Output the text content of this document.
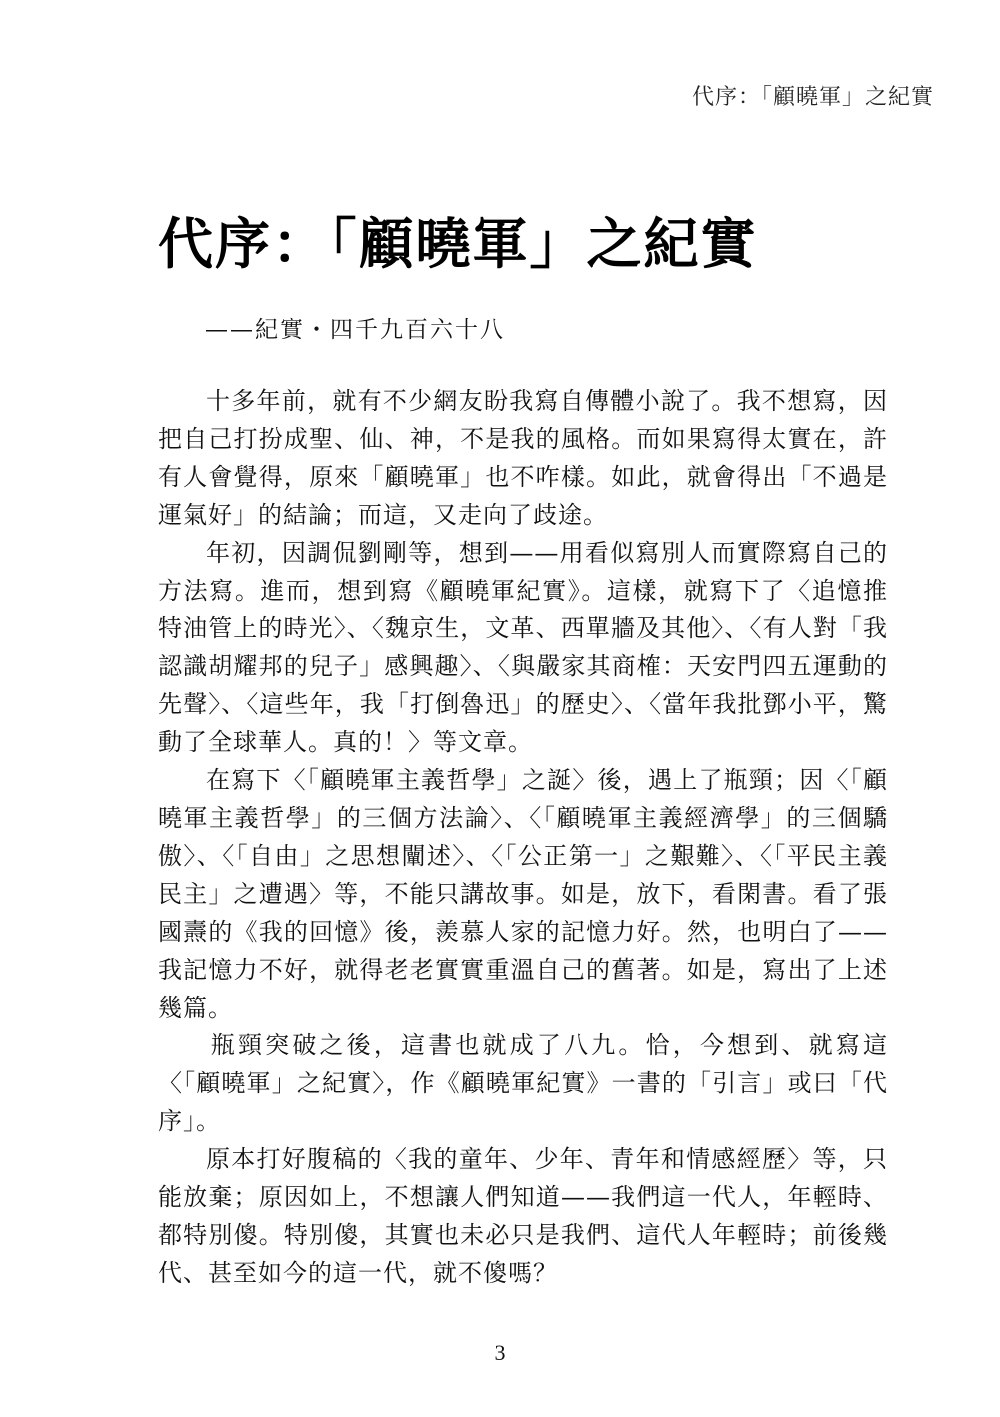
代序：「顧曉軍」之紀實
代序：「顧曉軍」之紀實
——紀實・四千九百六十八

十多年前，就有不少網友盼我寫自傳體小說了。我不想寫，因把自己打扮成聖、仙、神，不是我的風格。而如果寫得太實在，許有人會覺得，原來「顧曉軍」也不咋樣。如此，就會得出「不過是運氣好」的結論；而這，又走向了歧途。

年初，因調侃劉剛等，想到——用看似寫別人而實際寫自己的方法寫。進而，想到寫《顧曉軍紀實》。這樣，就寫下了〈追憶推特油管上的時光〉、〈魏京生，文革、西單牆及其他〉、〈有人對「我認識胡耀邦的兒子」感興趣〉、〈與嚴家其商榷：天安門四五運動的先聲〉、〈這些年，我「打倒魯迅」的歷史〉、〈當年我批鄧小平，驚動了全球華人。真的！〉等文章。

在寫下〈「顧曉軍主義哲學」之誕〉後，遇上了瓶頸；因〈「顧曉軍主義哲學」的三個方法論〉、〈「顧曉軍主義經濟學」的三個驕傲〉、〈「自由」之思想闡述〉、〈「公正第一」之艱難〉、〈「平民主義民主」之遭遇〉等，不能只講故事。如是，放下，看閑書。看了張國燾的《我的回憶》後，羨慕人家的記憶力好。然，也明白了——我記憶力不好，就得老老實實重溫自己的舊著。如是，寫出了上述幾篇。

瓶頸突破之後，這書也就成了八九。恰，今想到、就寫這〈「顧曉軍」之紀實〉，作《顧曉軍紀實》一書的「引言」或曰「代序」。

原本打好腹稿的〈我的童年、少年、青年和情感經歷〉等，只能放棄；原因如上，不想讓人們知道——我們這一代人，年輕時、都特別傻。特別傻，其實也未必只是我們、這代人年輕時；前後幾代、甚至如今的這一代，就不傻嗎？

3
